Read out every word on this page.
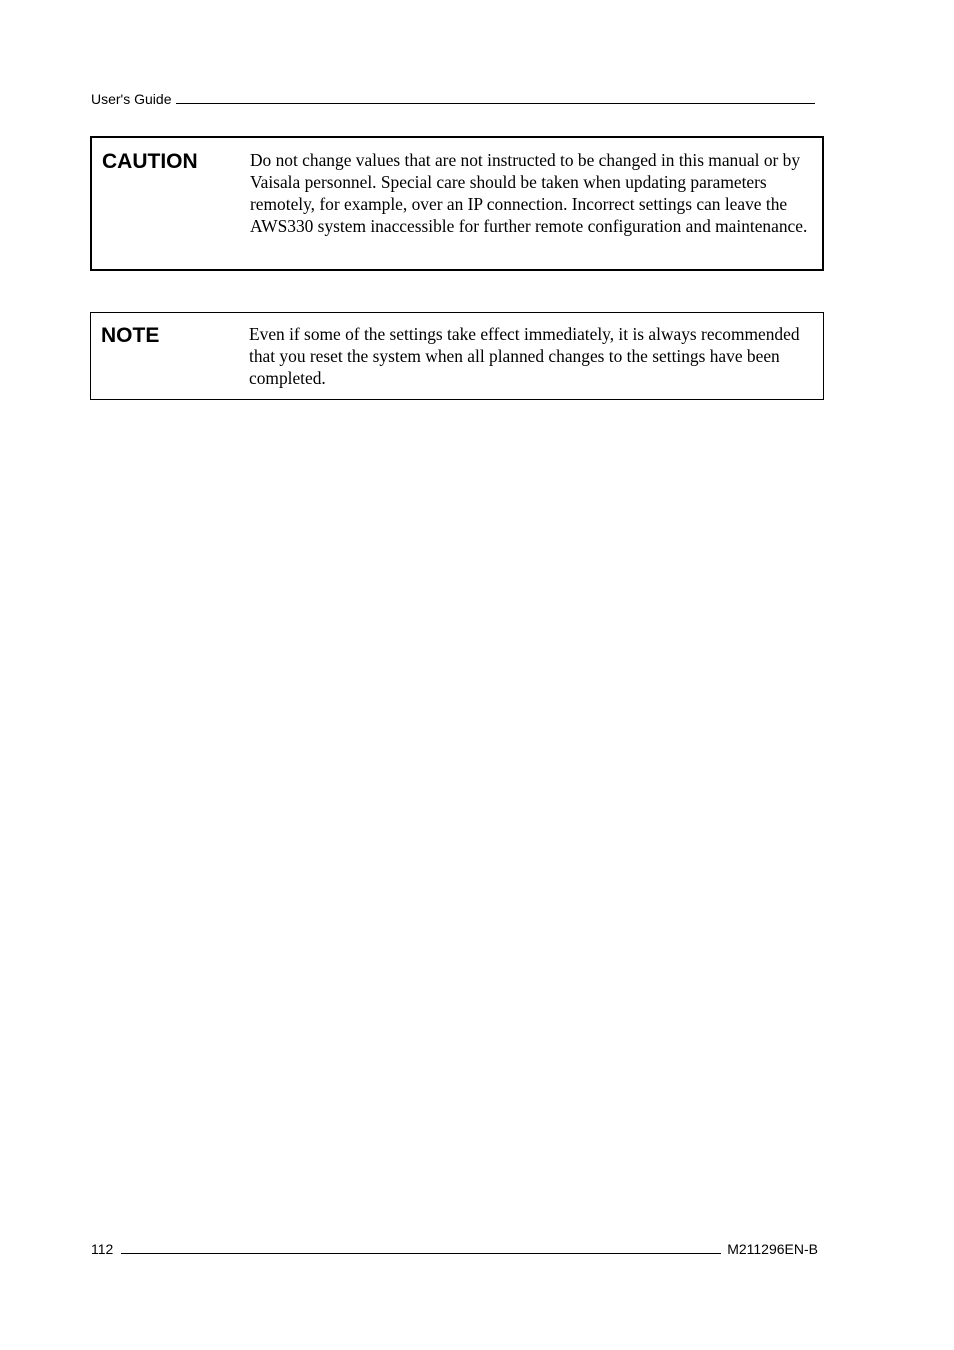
User's Guide
CAUTION	Do not change values that are not instructed to be changed in this manual or by Vaisala personnel. Special care should be taken when updating parameters remotely, for example, over an IP connection. Incorrect settings can leave the AWS330 system inaccessible for further remote configuration and maintenance.
NOTE	Even if some of the settings take effect immediately, it is always recommended that you reset the system when all planned changes to the settings have been completed.
112	M211296EN-B
